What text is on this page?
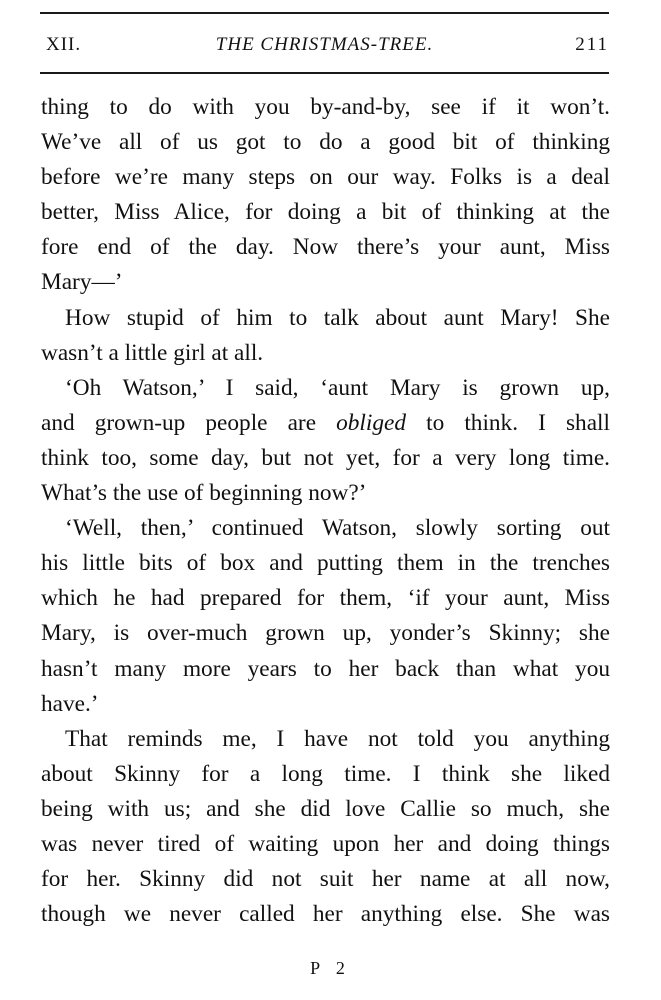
XII.	THE CHRISTMAS-TREE.	211
thing to do with you by-and-by, see if it won’t.
We’ve all of us got to do a good bit of thinking
before we’re many steps on our way. Folks is a deal
better, Miss Alice, for doing a bit of thinking at the
fore end of the day. Now there’s your aunt, Miss
Mary—’
How stupid of him to talk about aunt Mary! She
wasn’t a little girl at all.
‘Oh Watson,’ I said, ‘aunt Mary is grown up,
and grown-up people are obliged to think. I shall
think too, some day, but not yet, for a very long time.
What’s the use of beginning now?’
‘Well, then,’ continued Watson, slowly sorting out
his little bits of box and putting them in the trenches
which he had prepared for them, ‘if your aunt, Miss
Mary, is over-much grown up, yonder’s Skinny; she
hasn’t many more years to her back than what you
have.’
That reminds me, I have not told you anything
about Skinny for a long time. I think she liked
being with us; and she did love Callie so much, she
was never tired of waiting upon her and doing things
for her. Skinny did not suit her name at all now,
though we never called her anything else. She was
P 2
